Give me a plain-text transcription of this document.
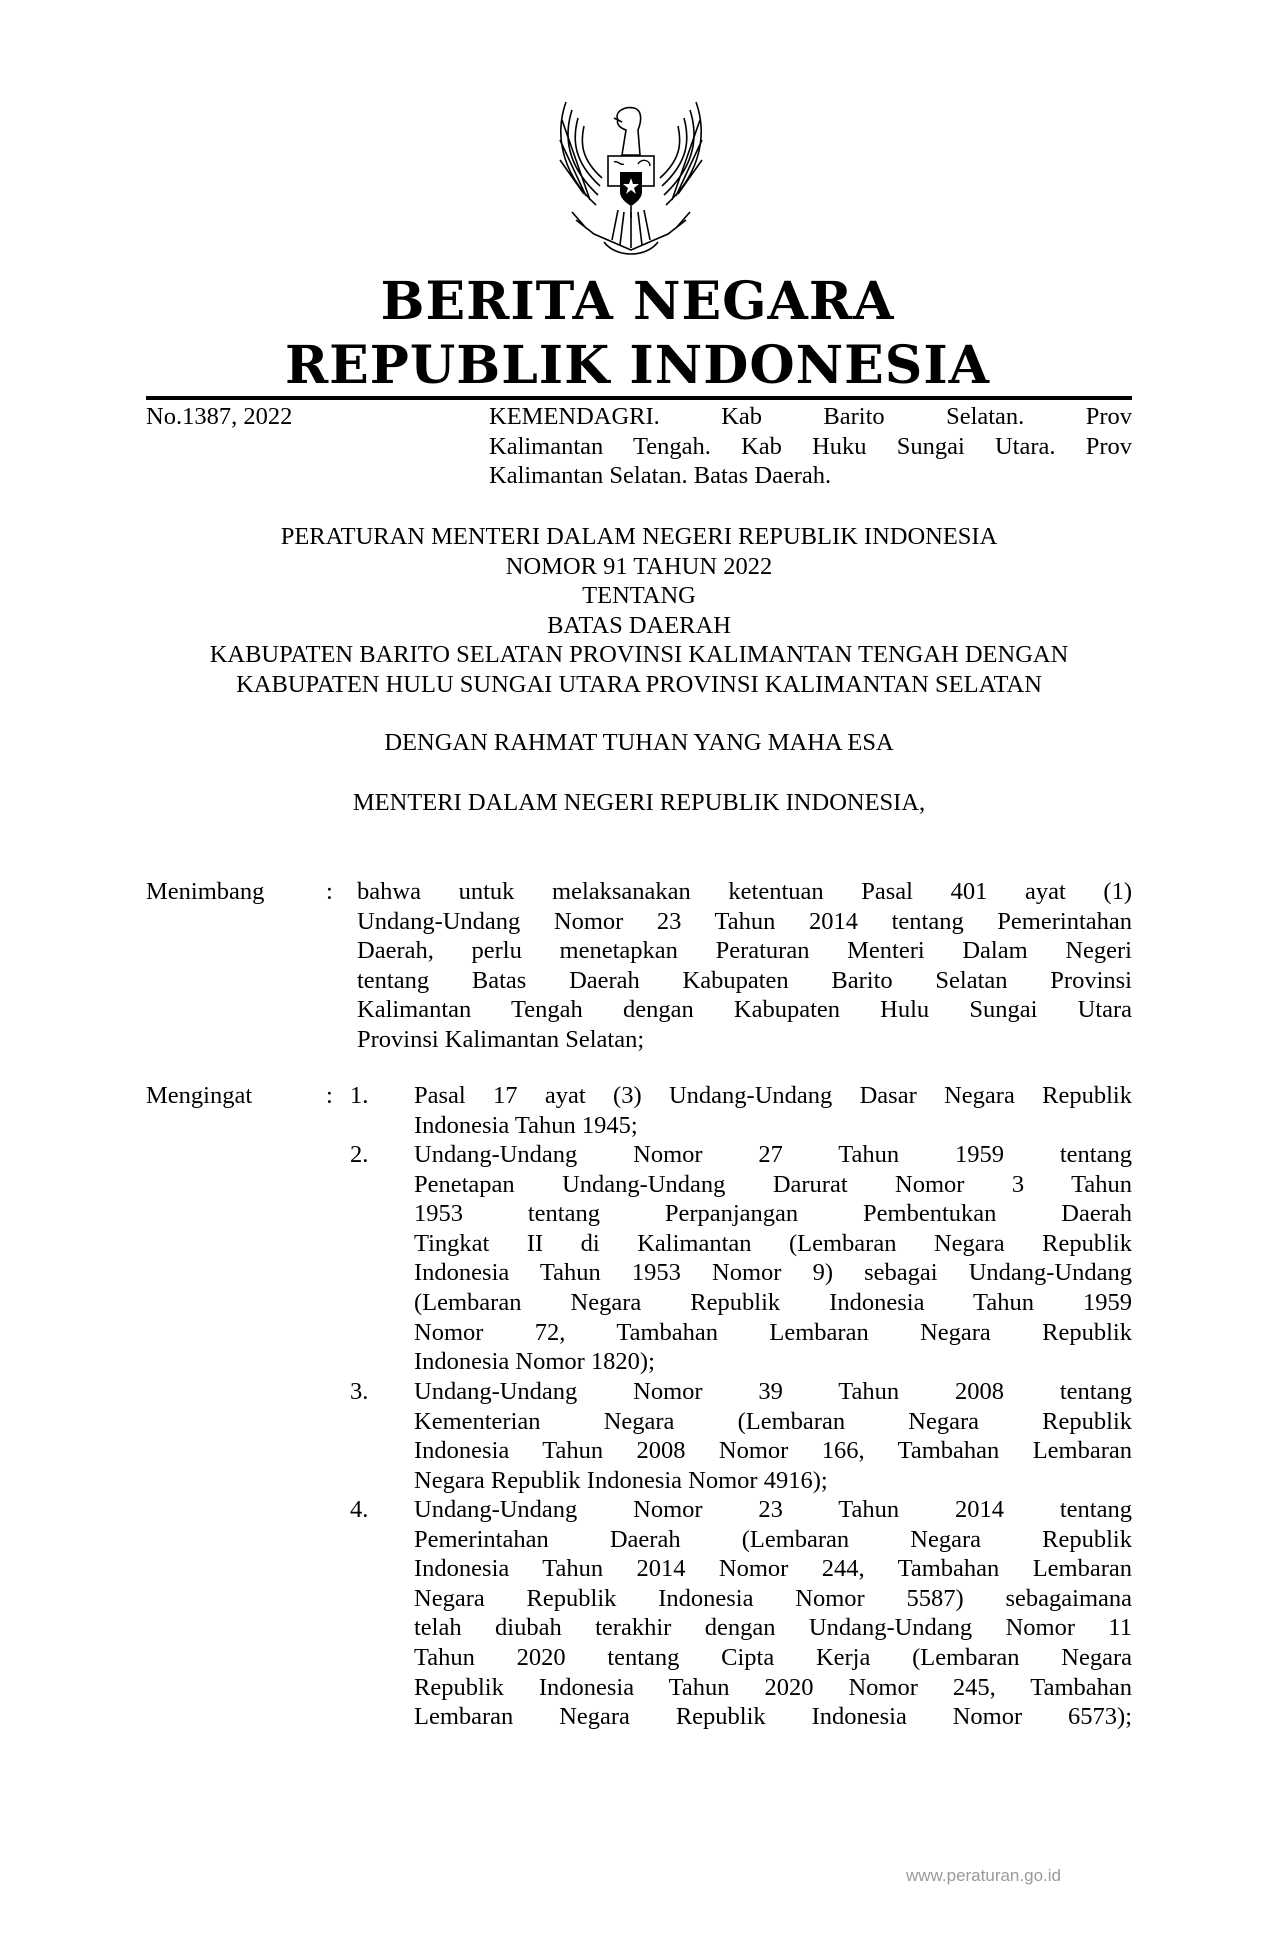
BERITA NEGARA
REPUBLIK INDONESIA
No.1387, 2022	KEMENDAGRI. Kab Barito Selatan. Prov
Kalimantan Tengah. Kab Huku Sungai Utara. Prov
Kalimantan Selatan. Batas Daerah.
PERATURAN MENTERI DALAM NEGERI REPUBLIK INDONESIA
NOMOR 91 TAHUN 2022
TENTANG
BATAS DAERAH
KABUPATEN BARITO SELATAN PROVINSI KALIMANTAN TENGAH DENGAN
KABUPATEN HULU SUNGAI UTARA PROVINSI KALIMANTAN SELATAN
DENGAN RAHMAT TUHAN YANG MAHA ESA
MENTERI DALAM NEGERI REPUBLIK INDONESIA,
Menimbang	: bahwa untuk melaksanakan ketentuan Pasal 401 ayat (1)
Undang-Undang Nomor 23 Tahun 2014 tentang Pemerintahan
Daerah, perlu menetapkan Peraturan Menteri Dalam Negeri
tentang Batas Daerah Kabupaten Barito Selatan Provinsi
Kalimantan Tengah dengan Kabupaten Hulu Sungai Utara
Provinsi Kalimantan Selatan;
Mengingat	: 1. Pasal 17 ayat (3) Undang-Undang Dasar Negara Republik
Indonesia Tahun 1945;
2. Undang-Undang Nomor 27 Tahun 1959 tentang
Penetapan Undang-Undang Darurat Nomor 3 Tahun
1953 tentang Perpanjangan Pembentukan Daerah
Tingkat II di Kalimantan (Lembaran Negara Republik
Indonesia Tahun 1953 Nomor 9) sebagai Undang-Undang
(Lembaran Negara Republik Indonesia Tahun 1959
Nomor 72, Tambahan Lembaran Negara Republik
Indonesia Nomor 1820);
3. Undang-Undang Nomor 39 Tahun 2008 tentang
Kementerian Negara (Lembaran Negara Republik
Indonesia Tahun 2008 Nomor 166, Tambahan Lembaran
Negara Republik Indonesia Nomor 4916);
4. Undang-Undang Nomor 23 Tahun 2014 tentang
Pemerintahan Daerah (Lembaran Negara Republik
Indonesia Tahun 2014 Nomor 244, Tambahan Lembaran
Negara Republik Indonesia Nomor 5587) sebagaimana
telah diubah terakhir dengan Undang-Undang Nomor 11
Tahun 2020 tentang Cipta Kerja (Lembaran Negara
Republik Indonesia Tahun 2020 Nomor 245, Tambahan
Lembaran Negara Republik Indonesia Nomor 6573);
www.peraturan.go.id
